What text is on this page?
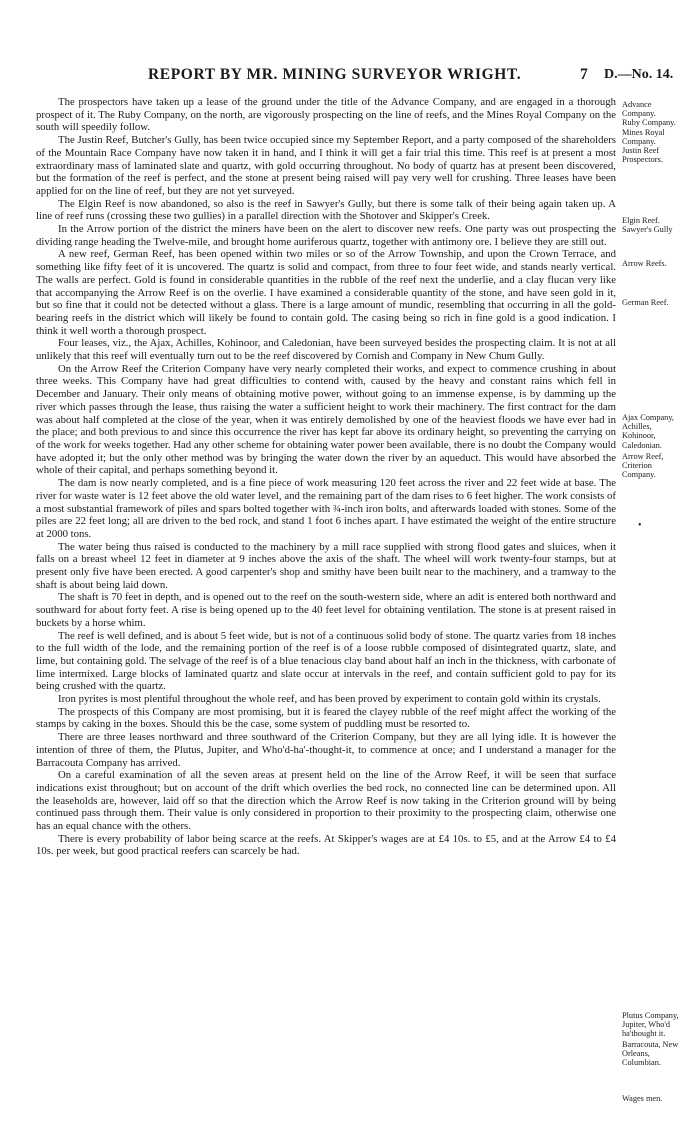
REPORT BY MR. MINING SURVEYOR WRIGHT.	7 D.—No. 14.

The prospectors have taken up a lease of the ground under the title of the Advance Company, and are engaged in a thorough prospect of it. The Ruby Company, on the north, are vigorously prospecting on the line of reefs, and the Mines Royal Company on the south will speedily follow.

The Justin Reef, Butcher's Gully, has been twice occupied since my September Report, and a party composed of the shareholders of the Mountain Race Company have now taken it in hand, and I think it will get a fair trial this time. This reef is at present a most extraordinary mass of laminated slate and quartz, with gold occurring throughout. No body of quartz has at present been discovered, but the formation of the reef is perfect, and the stone at present being raised will pay very well for crushing. Three leases have been applied for on the line of reef, but they are not yet surveyed.

The Elgin Reef is now abandoned, so also is the reef in Sawyer's Gully, but there is some talk of their being again taken up. A line of reef runs (crossing these two gullies) in a parallel direction with the Shotover and Skipper's Creek.

In the Arrow portion of the district the miners have been on the alert to discover new reefs. One party was out prospecting the dividing range heading the Twelve-mile, and brought home auriferous quartz, together with antimony ore. I believe they are still out.

A new reef, German Reef, has been opened within two miles or so of the Arrow Township, and upon the Crown Terrace, and something like fifty feet of it is uncovered. The quartz is solid and compact, from three to four feet wide, and stands nearly vertical. The walls are perfect. Gold is found in considerable quantities in the rubble of the reef next the underlie, and a clay flucan very like that accompanying the Arrow Reef is on the overlie. I have examined a considerable quantity of the stone, and have seen gold in it, but so fine that it could not be detected without a glass. There is a large amount of mundic, resembling that occurring in all the gold-bearing reefs in the district which will likely be found to contain gold. The casing being so rich in fine gold is a good indication. I think it well worth a thorough prospect.

Four leases, viz., the Ajax, Achilles, Kohinoor, and Caledonian, have been surveyed besides the prospecting claim. It is not at all unlikely that this reef will eventually turn out to be the reef discovered by Cornish and Company in New Chum Gully.

On the Arrow Reef the Criterion Company have very nearly completed their works, and expect to commence crushing in about three weeks. This Company have had great difficulties to contend with, caused by the heavy and constant rains which fell in December and January. Their only means of obtaining motive power, without going to an immense expense, is by damming up the river which passes through the lease, thus raising the water a sufficient height to work their machinery. The first contract for the dam was about half completed at the close of the year, when it was entirely demolished by one of the heaviest floods we have ever had in the place; and both previous to and since this occurrence the river has kept far above its ordinary height, so preventing the carrying on of the work for weeks together. Had any other scheme for obtaining water power been available, there is no doubt the Company would have adopted it; but the only other method was by bringing the water down the river by an aqueduct. This would have absorbed the whole of their capital, and perhaps something beyond it.

The dam is now nearly completed, and is a fine piece of work measuring 120 feet across the river and 22 feet wide at base. The river for waste water is 12 feet above the old water level, and the remaining part of the dam rises to 6 feet higher. The work consists of a most substantial framework of piles and spars bolted together with ¾-inch iron bolts, and afterwards loaded with stones. Some of the piles are 22 feet long; all are driven to the bed rock, and stand 1 foot 6 inches apart. I have estimated the weight of the entire structure at 2000 tons.

The water being thus raised is conducted to the machinery by a mill race supplied with strong flood gates and sluices, when it falls on a breast wheel 12 feet in diameter at 9 inches above the axis of the shaft. The wheel will work twenty-four stamps, but at present only five have been erected. A good carpenter's shop and smithy have been built near to the machinery, and a tramway to the shaft is about being laid down.

The shaft is 70 feet in depth, and is opened out to the reef on the south-western side, where an adit is entered both northward and southward for about forty feet. A rise is being opened up to the 40 feet level for obtaining ventilation. The stone is at present raised in buckets by a horse whim.

The reef is well defined, and is about 5 feet wide, but is not of a continuous solid body of stone. The quartz varies from 18 inches to the full width of the lode, and the remaining portion of the reef is of a loose rubble composed of disintegrated quartz, slate, and lime, but containing gold. The selvage of the reef is of a blue tenacious clay band about half an inch in the thickness, with carbonate of lime intermixed. Large blocks of laminated quartz and slate occur at intervals in the reef, and contain sufficient gold to pay for its being crushed with the quartz.

Iron pyrites is most plentiful throughout the whole reef, and has been proved by experiment to contain gold within its crystals.

The prospects of this Company are most promising, but it is feared the clayey rubble of the reef might affect the working of the stamps by caking in the boxes. Should this be the case, some system of puddling must be resorted to.

There are three leases northward and three southward of the Criterion Company, but they are all lying idle. It is however the intention of three of them, the Plutus, Jupiter, and Who'd-ha'-thought-it, to commence at once; and I understand a manager for the Barracouta Company has arrived.

On a careful examination of all the seven areas at present held on the line of the Arrow Reef, it will be seen that surface indications exist throughout; but on account of the drift which overlies the bed rock, no connected line can be determined upon. All the leaseholds are, however, laid off so that the direction which the Arrow Reef is now taking in the Criterion ground will by being continued pass through them. Their value is only considered in proportion to their proximity to the prospecting claim, otherwise one has an equal chance with the others.

There is every probability of labor being scarce at the reefs. At Skipper's wages are at £4 10s. to £5, and at the Arrow £4 to £4 10s. per week, but good practical reefers can scarcely be had.

Advance
Company.
Ruby Company.
Mines Royal
Company.
Justin Reef
Prospectors.
Elgin Reef.
Sawyer's Gully
Arrow Reefs.
German Reef.
Ajax Company,
Achilles,
Kohinoor,
Caledonian.
Arrow Reef,
Criterion
Company.
Plutus Company,
Jupiter, Who'd
ha'thought it.
Barracouta, New
Orleans,
Columbian.
Wages men.
•
